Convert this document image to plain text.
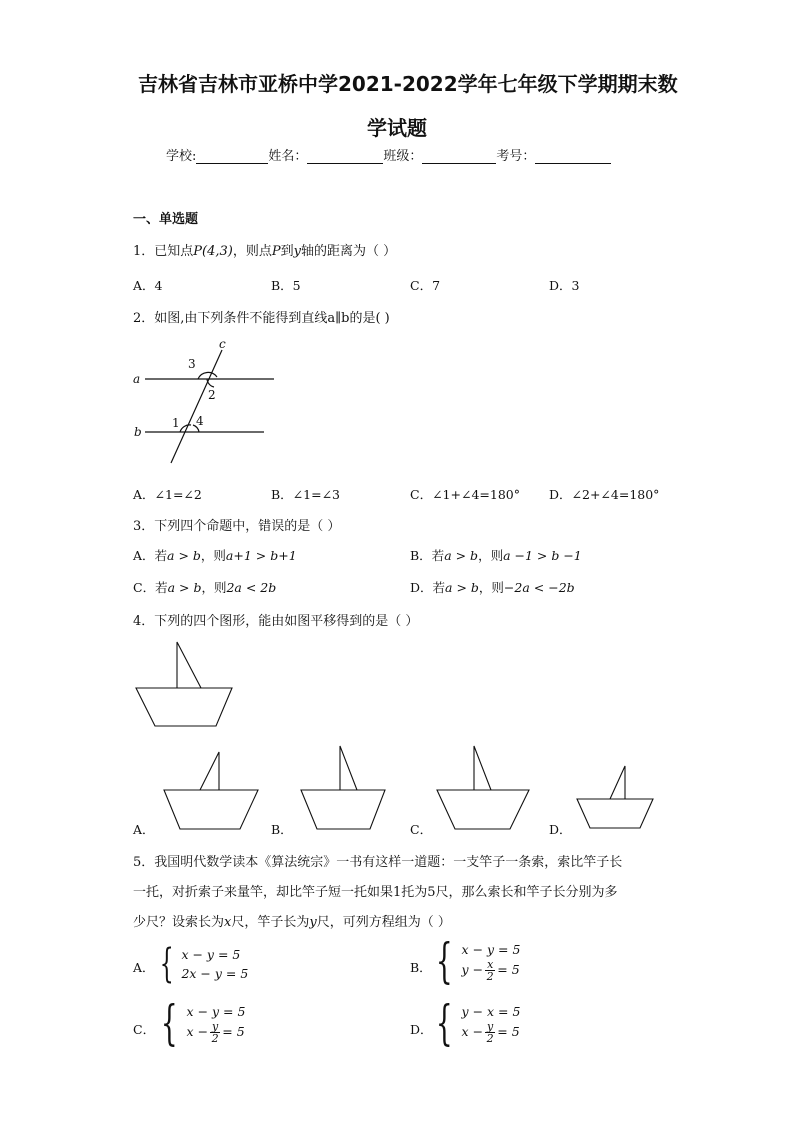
吉林省吉林市亚桥中学2021-2022学年七年级下学期期末数
学试题
学校:	姓名：	班级：	考号：
一、单选题
1．已知点P(4,3)，则点P到y轴的距离为（ ）
A．4	B．5	C．7	D．3
2．如图,由下列条件不能得到直线a∥b的是( )
a
b
c
3
2
1 4
A．∠1=∠2	B．∠1=∠3	C．∠1+∠4=180° D．∠2+∠4=180°
3．下列四个命题中，错误的是（ ）
A．若a > b，则a+1 > b+1	B．若a > b，则a −1 > b −1
C．若a > b，则2a < 2b	D．若a > b，则−2a < −2b
4．下列的四个图形，能由如图平移得到的是（ ）
A．	B．	C．	D．
5．我国明代数学读本《算法统宗》一书有这样一道题：一支竿子一条索，索比竿子长
一托，对折索子来量竿，却比竿子短一托如果1托为5尺，那么索长和竿子长分别为多
少尺？设索长为x尺，竿子长为y尺，可列方程组为（ ）
A． { x − y = 5
2x − y = 5	B． { x − y = 5
$y - \frac{x}{2} = 5$
C． { x − y = 5
$x - \frac{y}{2} = 5$	D． { y − x = 5
$x - \frac{y}{2} = 5$
